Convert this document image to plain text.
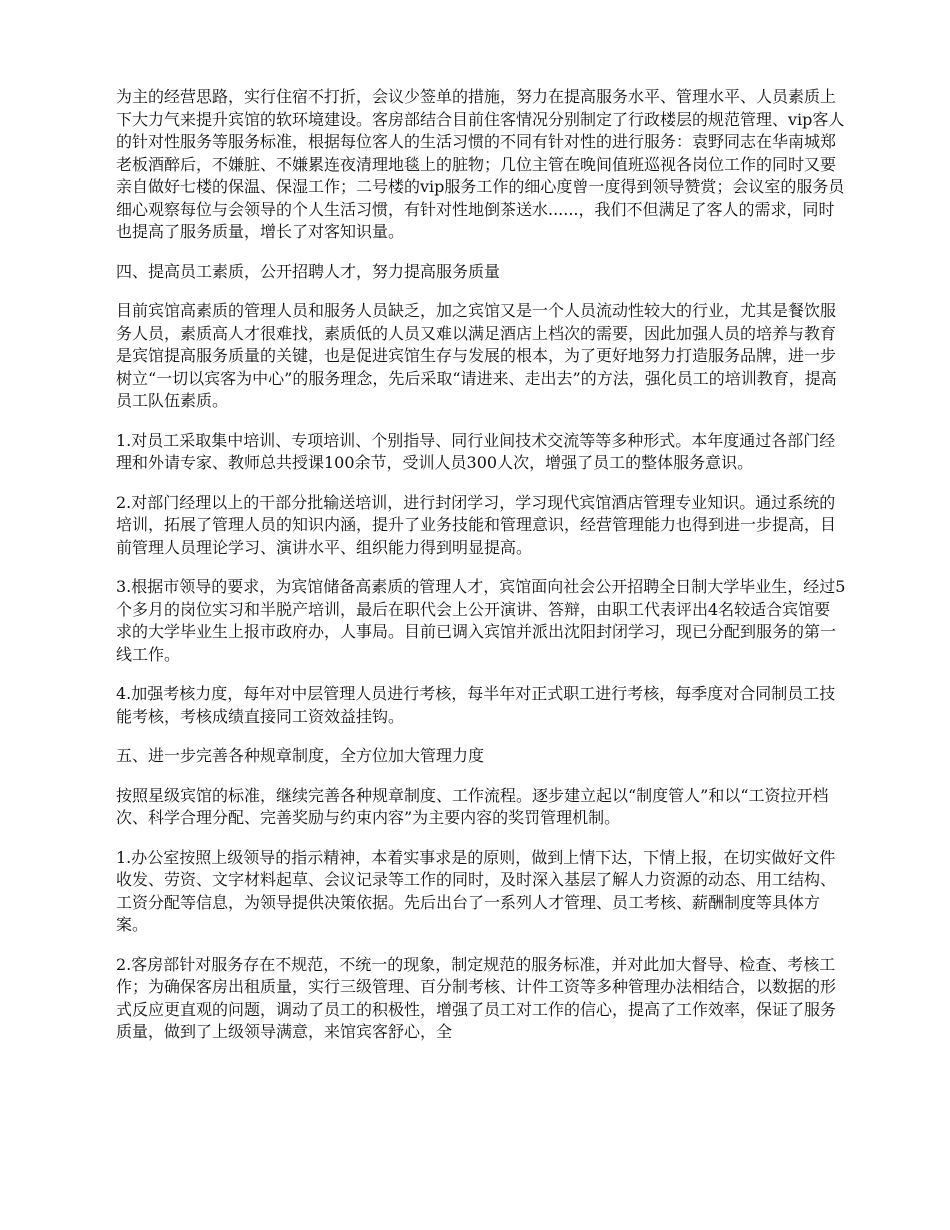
为主的经营思路，实行住宿不打折，会议少签单的措施，努力在提高服务水平、管理水平、人员素质上下大力气来提升宾馆的软环境建设。客房部结合目前住客情况分别制定了行政楼层的规范管理、vip客人的针对性服务等服务标准，根据每位客人的生活习惯的不同有针对性的进行服务：袁野同志在华南城郑老板酒醉后，不嫌脏、不嫌累连夜清理地毯上的脏物；几位主管在晚间值班巡视各岗位工作的同时又要亲自做好七楼的保温、保湿工作；二号楼的vip服务工作的细心度曾一度得到领导赞赏；会议室的服务员细心观察每位与会领导的个人生活习惯，有针对性地倒茶送水......，我们不但满足了客人的需求，同时也提高了服务质量，增长了对客知识量。

四、提高员工素质，公开招聘人才，努力提高服务质量

目前宾馆高素质的管理人员和服务人员缺乏，加之宾馆又是一个人员流动性较大的行业，尤其是餐饮服务人员，素质高人才很难找，素质低的人员又难以满足酒店上档次的需要，因此加强人员的培养与教育是宾馆提高服务质量的关键，也是促进宾馆生存与发展的根本，为了更好地努力打造服务品牌，进一步树立“一切以宾客为中心”的服务理念，先后采取“请进来、走出去”的方法，强化员工的培训教育，提高员工队伍素质。

1.对员工采取集中培训、专项培训、个别指导、同行业间技术交流等等多种形式。本年度通过各部门经理和外请专家、教师总共授课100余节，受训人员300人次，增强了员工的整体服务意识。

2.对部门经理以上的干部分批输送培训，进行封闭学习，学习现代宾馆酒店管理专业知识。通过系统的培训，拓展了管理人员的知识内涵，提升了业务技能和管理意识，经营管理能力也得到进一步提高，目前管理人员理论学习、演讲水平、组织能力得到明显提高。

3.根据市领导的要求，为宾馆储备高素质的管理人才，宾馆面向社会公开招聘全日制大学毕业生，经过5个多月的岗位实习和半脱产培训，最后在职代会上公开演讲、答辩，由职工代表评出4名较适合宾馆要求的大学毕业生上报市政府办，人事局。目前已调入宾馆并派出沈阳封闭学习，现已分配到服务的第一线工作。

4.加强考核力度，每年对中层管理人员进行考核，每半年对正式职工进行考核，每季度对合同制员工技能考核，考核成绩直接同工资效益挂钩。

五、进一步完善各种规章制度，全方位加大管理力度

按照星级宾馆的标准，继续完善各种规章制度、工作流程。逐步建立起以“制度管人”和以“工资拉开档次、科学合理分配、完善奖励与约束内容”为主要内容的奖罚管理机制。

1.办公室按照上级领导的指示精神，本着实事求是的原则，做到上情下达，下情上报，在切实做好文件收发、劳资、文字材料起草、会议记录等工作的同时，及时深入基层了解人力资源的动态、用工结构、工资分配等信息，为领导提供决策依据。先后出台了一系列人才管理、员工考核、薪酬制度等具体方案。

2.客房部针对服务存在不规范，不统一的现象，制定规范的服务标准，并对此加大督导、检查、考核工作；为确保客房出租质量，实行三级管理、百分制考核、计件工资等多种管理办法相结合，以数据的形式反应更直观的问题，调动了员工的积极性，增强了员工对工作的信心，提高了工作效率，保证了服务质量，做到了上级领导满意，来馆宾客舒心，全
